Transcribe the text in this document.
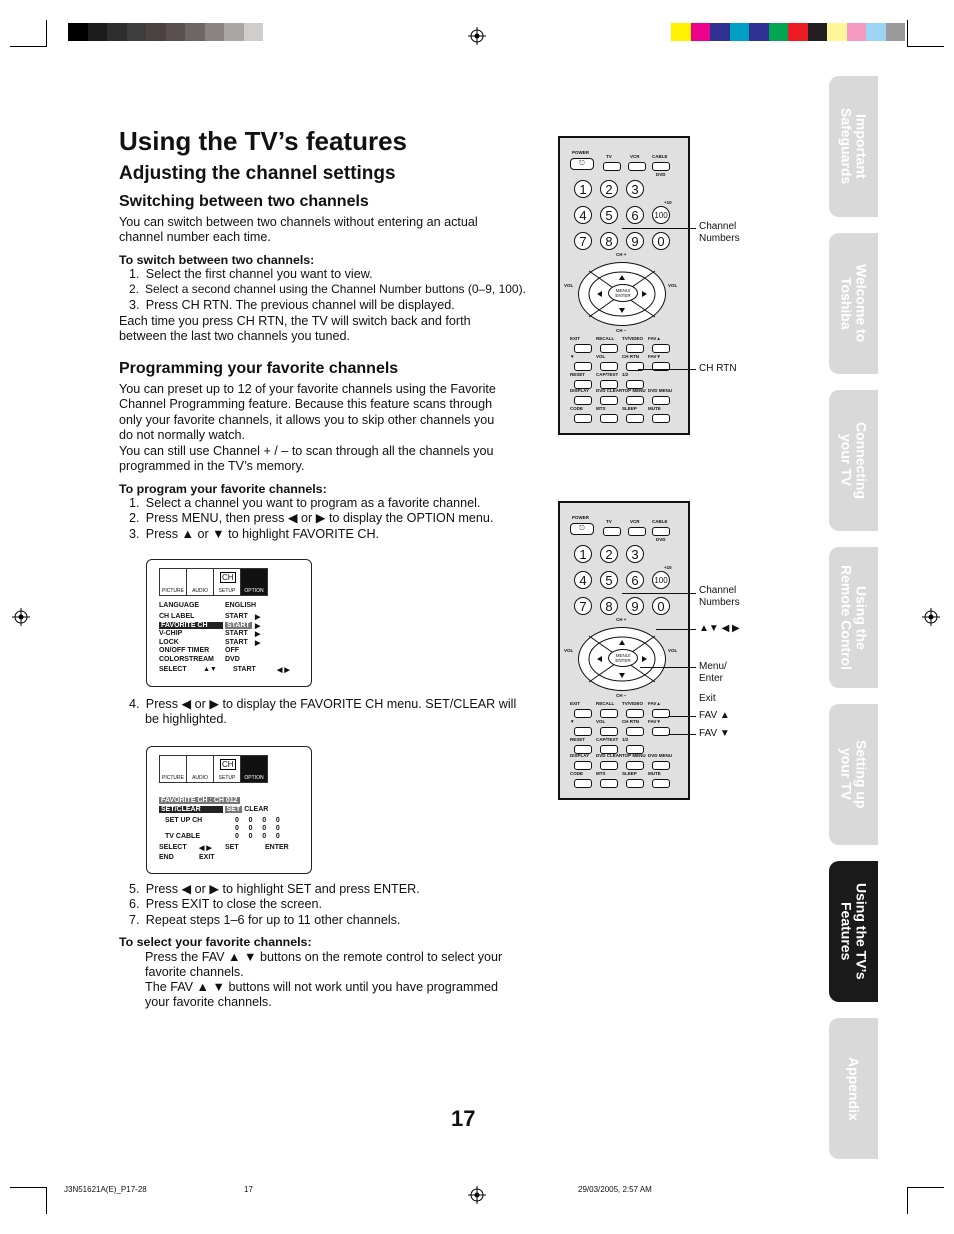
Using the TV’s features
Adjusting the channel settings
Switching between two channels
You can switch between two channels without entering an actual channel number each time.
To switch between two channels:
1. Select the first channel you want to view.
2. Select a second channel using the Channel Number buttons (0–9, 100).
3. Press CH RTN. The previous channel will be displayed.
Each time you press CH RTN, the TV will switch back and forth between the last two channels you tuned.
Programming your favorite channels
You can preset up to 12 of your favorite channels using the Favorite Channel Programming feature. Because this feature scans through only your favorite channels, it allows you to skip other channels you do not normally watch.
You can still use Channel + / – to scan through all the channels you programmed in the TV’s memory.
To program your favorite channels:
1. Select a channel you want to program as a favorite channel.
2. Press MENU, then press ◀ or ▶ to display the OPTION menu.
3. Press ▲ or ▼ to highlight FAVORITE CH.
PICTURE	AUDIO
CH
SETUP	OPTION
LANGUAGE	ENGLISH
CH LABEL	START ▶
FAVORITE CH	START ▶
V-CHIP	START ▶
LOCK	START ▶
ON/OFF TIMER OFF
COLORSTREAM DVD
SELECT ▲▼ START	◀ ▶
4. Press ◀ or ▶ to display the FAVORITE CH menu. SET/CLEAR will be highlighted.
PICTURE	AUDIO
CH
SETUP	OPTION
FAVORITE CH : CH 012
SET/CLEAR	SET CLEAR
SET UP CH
TV CABLE
0     0     0     0
0     0     0     0
0     0     0     0
SELECT ◀ ▶ SET	ENTER
END	EXIT
5. Press ◀ or ▶ to highlight SET and press ENTER.
6. Press EXIT to close the screen.
7. Repeat steps 1–6 for up to 11 other channels.
To select your favorite channels:
Press the FAV ▲ ▼ buttons on the remote control to select your favorite channels.
The FAV ▲ ▼ buttons will not work until you have programmed your favorite channels.
POWER
TV	VCR	CABLE
DVD
⎋
1	2	3
4	5	6
7	8	9
+10
100
0
MENU/
ENTER
CH +
CH –
VOL	VOL
EXIT	RECALL TV/VIDEO FAV▲
▼	VOL	CH RTN FAV▼
RESET CAP/TEXT 1/2
DISPLAY DVD CLEAR TOP MENU DVD MENU
CODE	MTS	SLEEP MUTE
POWER
TV	VCR	CABLE
DVD
⎋
1	2	3
4	5	6
7	8	9
+10
100
0
MENU/
ENTER
CH +
CH –
VOL	VOL
EXIT	RECALL TV/VIDEO FAV▲
▼	VOL	CH RTN FAV▼
RESET CAP/TEXT 1/2
DISPLAY DVD CLEAR TOP MENU DVD MENU
CODE	MTS	SLEEP MUTE
Channel
Numbers
CH RTN
Channel
Numbers
▲▼ ◀ ▶
Menu/
Enter
Exit
FAV ▲
FAV ▼
Important
Safeguards
Welcome to
Toshiba
Connecting
your TV
Using the
Remote Control
Setting up
your TV
Using the TV’s
Features
Appendix
17
J3N51621A(E)_P17-28	17	29/03/2005, 2:57 AM
